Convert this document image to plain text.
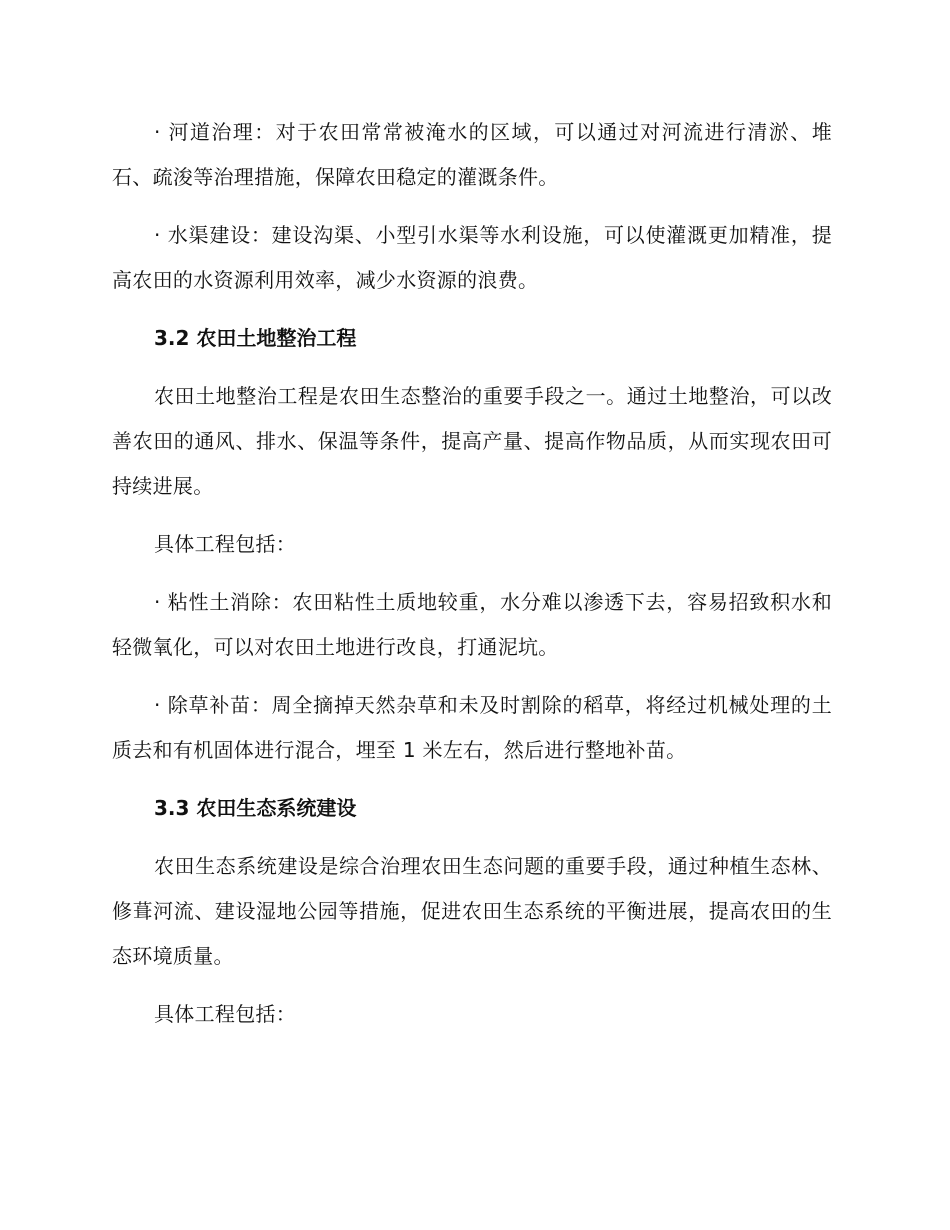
· 河道治理：对于农田常常被淹水的区域，可以通过对河流进行清淤、堆石、疏浚等治理措施，保障农田稳定的灌溉条件。

· 水渠建设：建设沟渠、小型引水渠等水利设施，可以使灌溉更加精准，提高农田的水资源利用效率，减少水资源的浪费。

3.2 农田土地整治工程

农田土地整治工程是农田生态整治的重要手段之一。通过土地整治，可以改善农田的通风、排水、保温等条件，提高产量、提高作物品质，从而实现农田可持续进展。

具体工程包括：

· 粘性土消除：农田粘性土质地较重，水分难以渗透下去，容易招致积水和轻微氧化，可以对农田土地进行改良，打通泥坑。

· 除草补苗：周全摘掉天然杂草和未及时割除的稻草，将经过机械处理的土质去和有机固体进行混合，埋至 1 米左右，然后进行整地补苗。

3.3 农田生态系统建设

农田生态系统建设是综合治理农田生态问题的重要手段，通过种植生态林、修葺河流、建设湿地公园等措施，促进农田生态系统的平衡进展，提高农田的生态环境质量。

具体工程包括：
